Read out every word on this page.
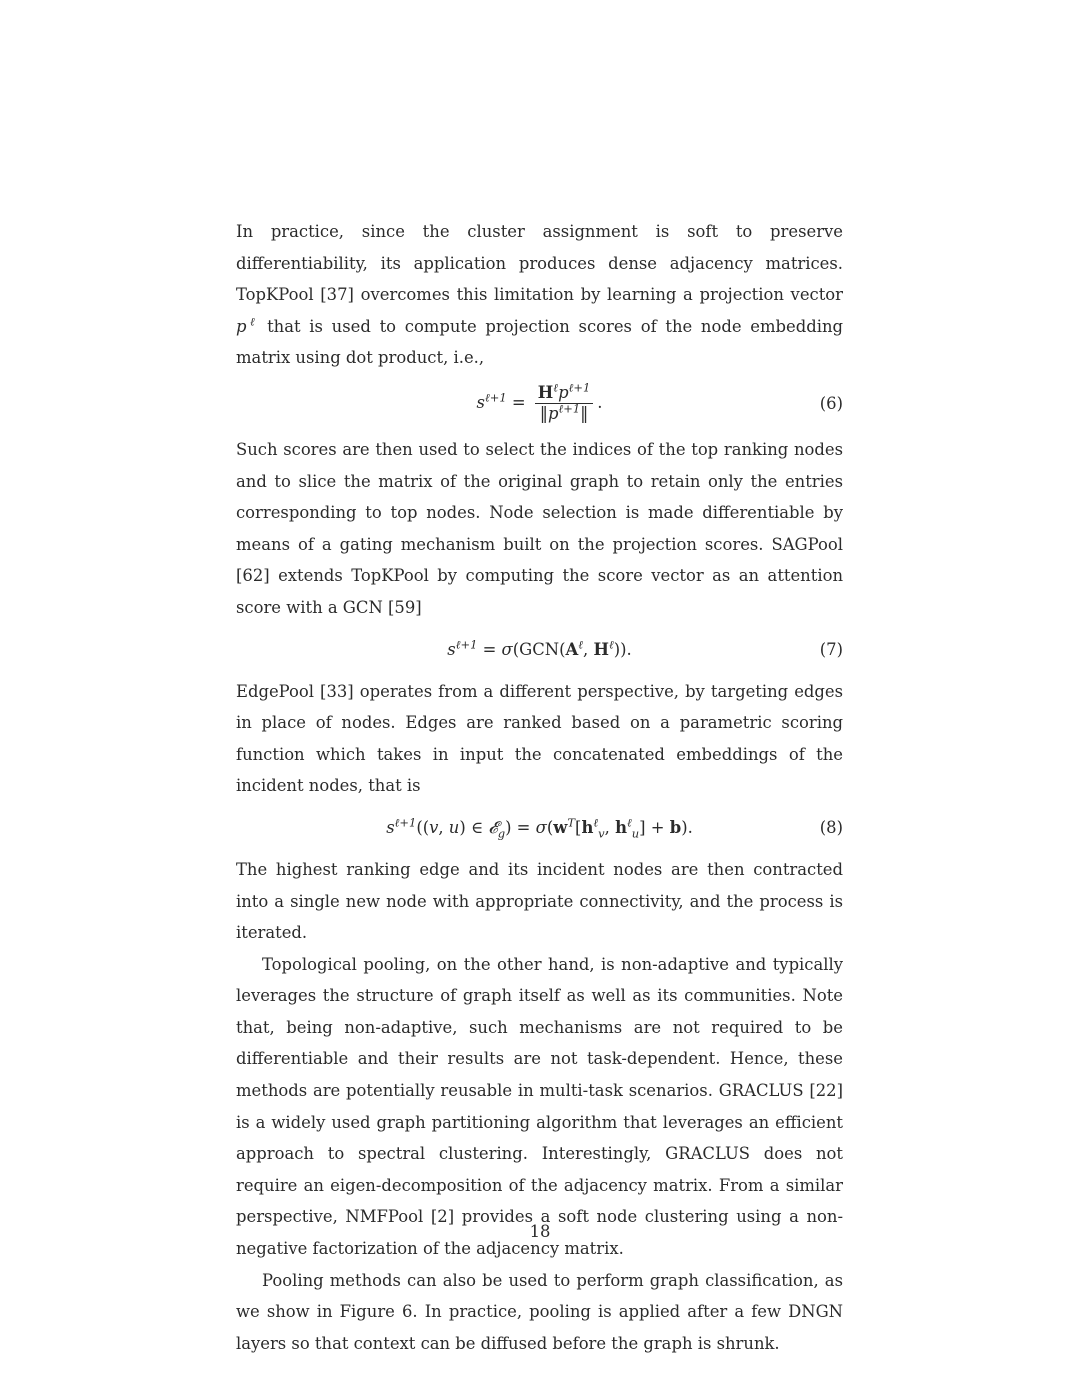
In practice, since the cluster assignment is soft to preserve differentiability, its application produces dense adjacency matrices. TopKPool [37] overcomes this limitation by learning a projection vector $p^\ell$ that is used to compute projection scores of the node embedding matrix using dot product, i.e.,

$s^{\ell+1} = \frac{H^\ell p^{\ell+1}}{‖p^{\ell+1}‖}$ .	(6)

Such scores are then used to select the indices of the top ranking nodes and to slice the matrix of the original graph to retain only the entries corresponding to top nodes. Node selection is made differentiable by means of a gating mechanism built on the projection scores. SAGPool [62] extends TopKPool by computing the score vector as an attention score with a GCN [59]

$s^{\ell+1} = \sigma(GCN(A^\ell$, $H^\ell$)).	(7)

EdgePool [33] operates from a different perspective, by targeting edges in place of nodes. Edges are ranked based on a parametric scoring function which takes in input the concatenated embeddings of the incident nodes, that is

$s^{\ell+1}((v$, u) ∈ 𝓔$_g$) = $\sigma(w^T[h^\ell_v$, $h^\ell_u] + b$).	(8)

The highest ranking edge and its incident nodes are then contracted into a single new node with appropriate connectivity, and the process is iterated.

Topological pooling, on the other hand, is non-adaptive and typically leverages the structure of graph itself as well as its communities. Note that, being non-adaptive, such mechanisms are not required to be differentiable and their results are not task-dependent. Hence, these methods are potentially reusable in multi-task scenarios. GRACLUS [22] is a widely used graph partitioning algorithm that leverages an efficient approach to spectral clustering. Interestingly, GRACLUS does not require an eigen-decomposition of the adjacency matrix. From a similar perspective, NMFPool [2] provides a soft node clustering using a non-negative factorization of the adjacency matrix.

Pooling methods can also be used to perform graph classification, as we show in Figure 6. In practice, pooling is applied after a few DNGN layers so that context can be diffused before the graph is shrunk.

18
